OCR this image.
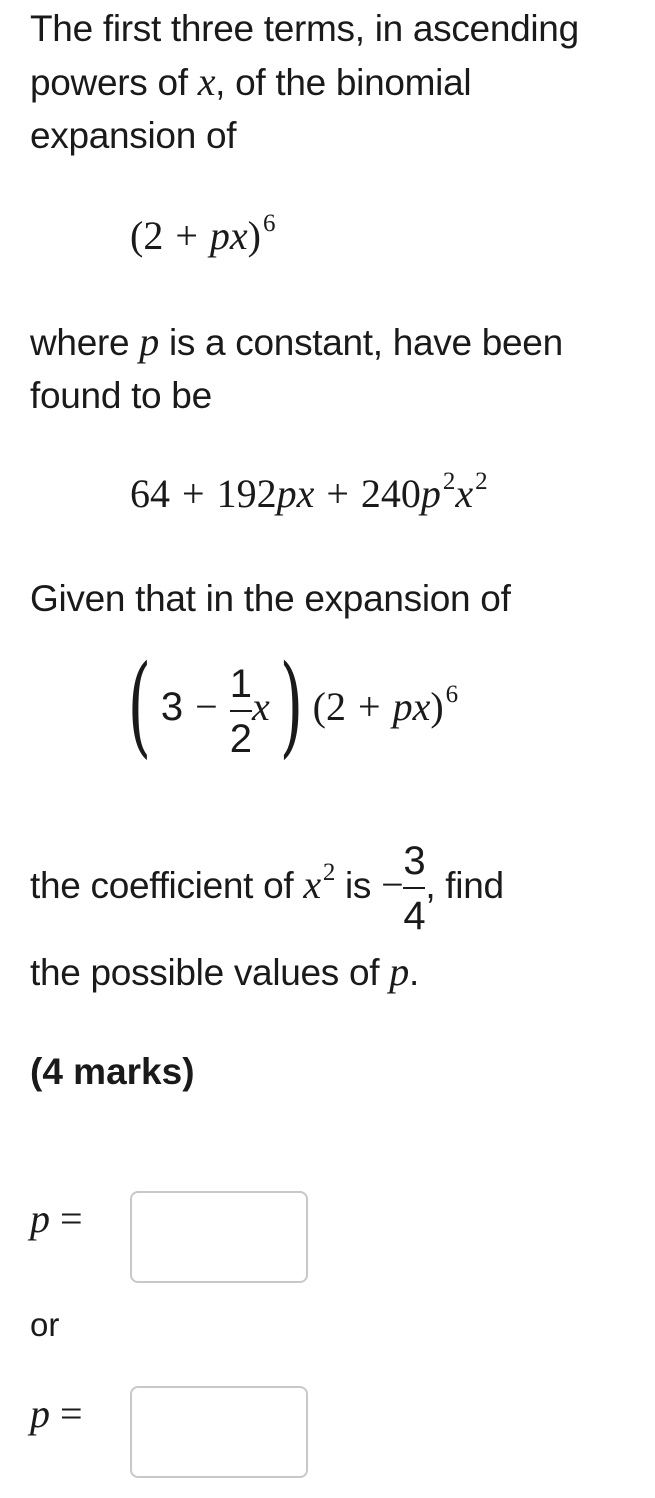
The first three terms, in ascending powers of x, of the binomial expansion of
(2 + px)$^6$
where p is a constant, have been found to be
$64 + 192px + 240p^2x^2$
Given that in the expansion of
( $3 - \frac{1}{2} x$) (2 + px)$^6$
the coefficient of $x^2$ is − $\frac{3}{4}$ , find
the possible values of p.
(4 marks)
p =
or
p =
